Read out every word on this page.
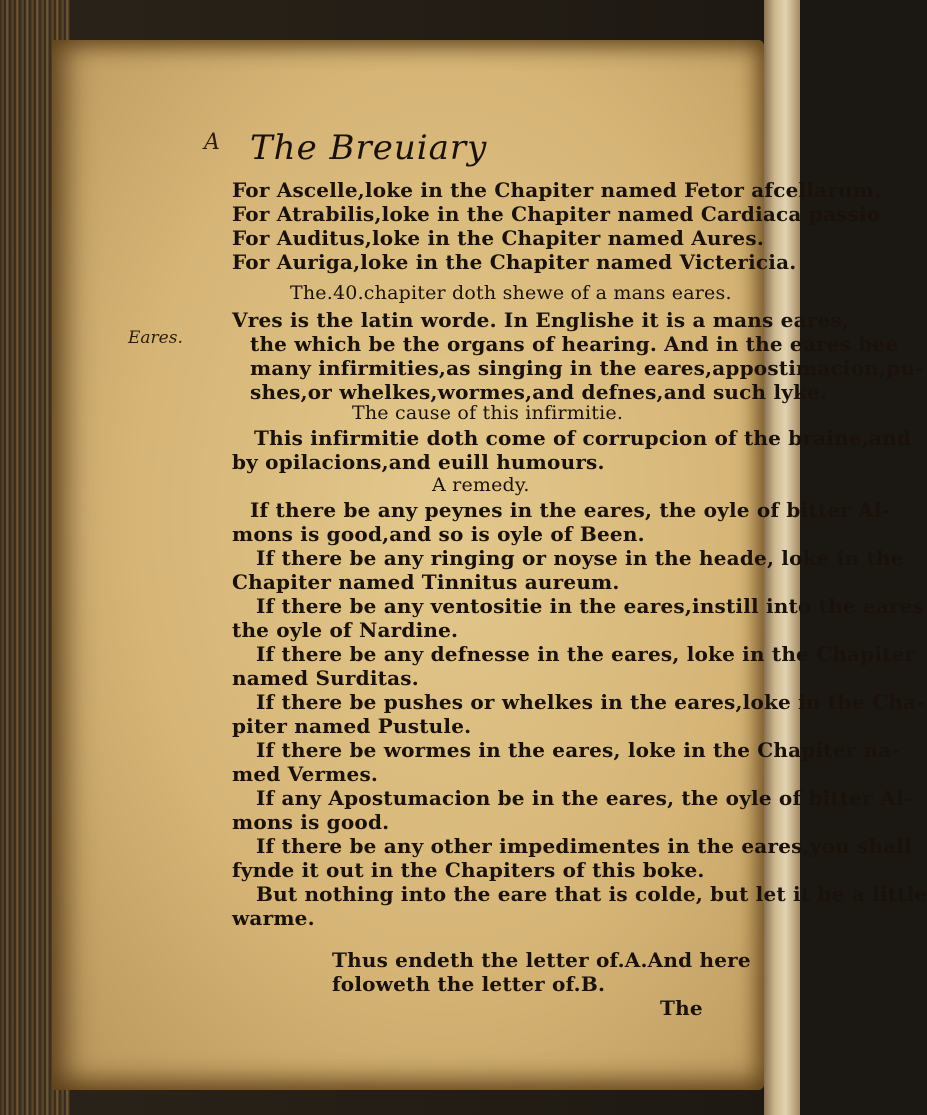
A The Breuiary
Eares.
For Ascelle,loke in the Chapiter named Fetor afcellarum.
For Atrabilis,loke in the Chapiter named Cardiaca passio
For Auditus,loke in the Chapiter named Aures.
For Auriga,loke in the Chapiter named Victericia.
The.40.chapiter doth shewe of a mans eares.
Vres is the latin worde. In Englishe it is a mans eares,
the which be the organs of hearing. And in the eares bee
many infirmities,as singing in the eares,appostimacion,pu-
shes,or whelkes,wormes,and defnes,and such lyke.
The cause of this infirmitie.
This infirmitie doth come of corrupcion of the braine,and
by opilacions,and euill humours.
A remedy.
If there be any peynes in the eares, the oyle of bitter Al-
mons is good,and so is oyle of Been.
If there be any ringing or noyse in the heade, loke in the
Chapiter named Tinnitus aureum.
If there be any ventositie in the eares,instill into the eares
the oyle of Nardine.
If there be any defnesse in the eares, loke in the Chapiter
named Surditas.
If there be pushes or whelkes in the eares,loke in the Cha-
piter named Pustule.
If there be wormes in the eares, loke in the Chapiter na-
med Vermes.
If any Apostumacion be in the eares, the oyle of bitter Al-
mons is good.
If there be any other impedimentes in the eares,you shall
fynde it out in the Chapiters of this boke.
But nothing into the eare that is colde, but let it be a little
warme.
Thus endeth the letter of.A.And here
foloweth the letter of.B.
The
